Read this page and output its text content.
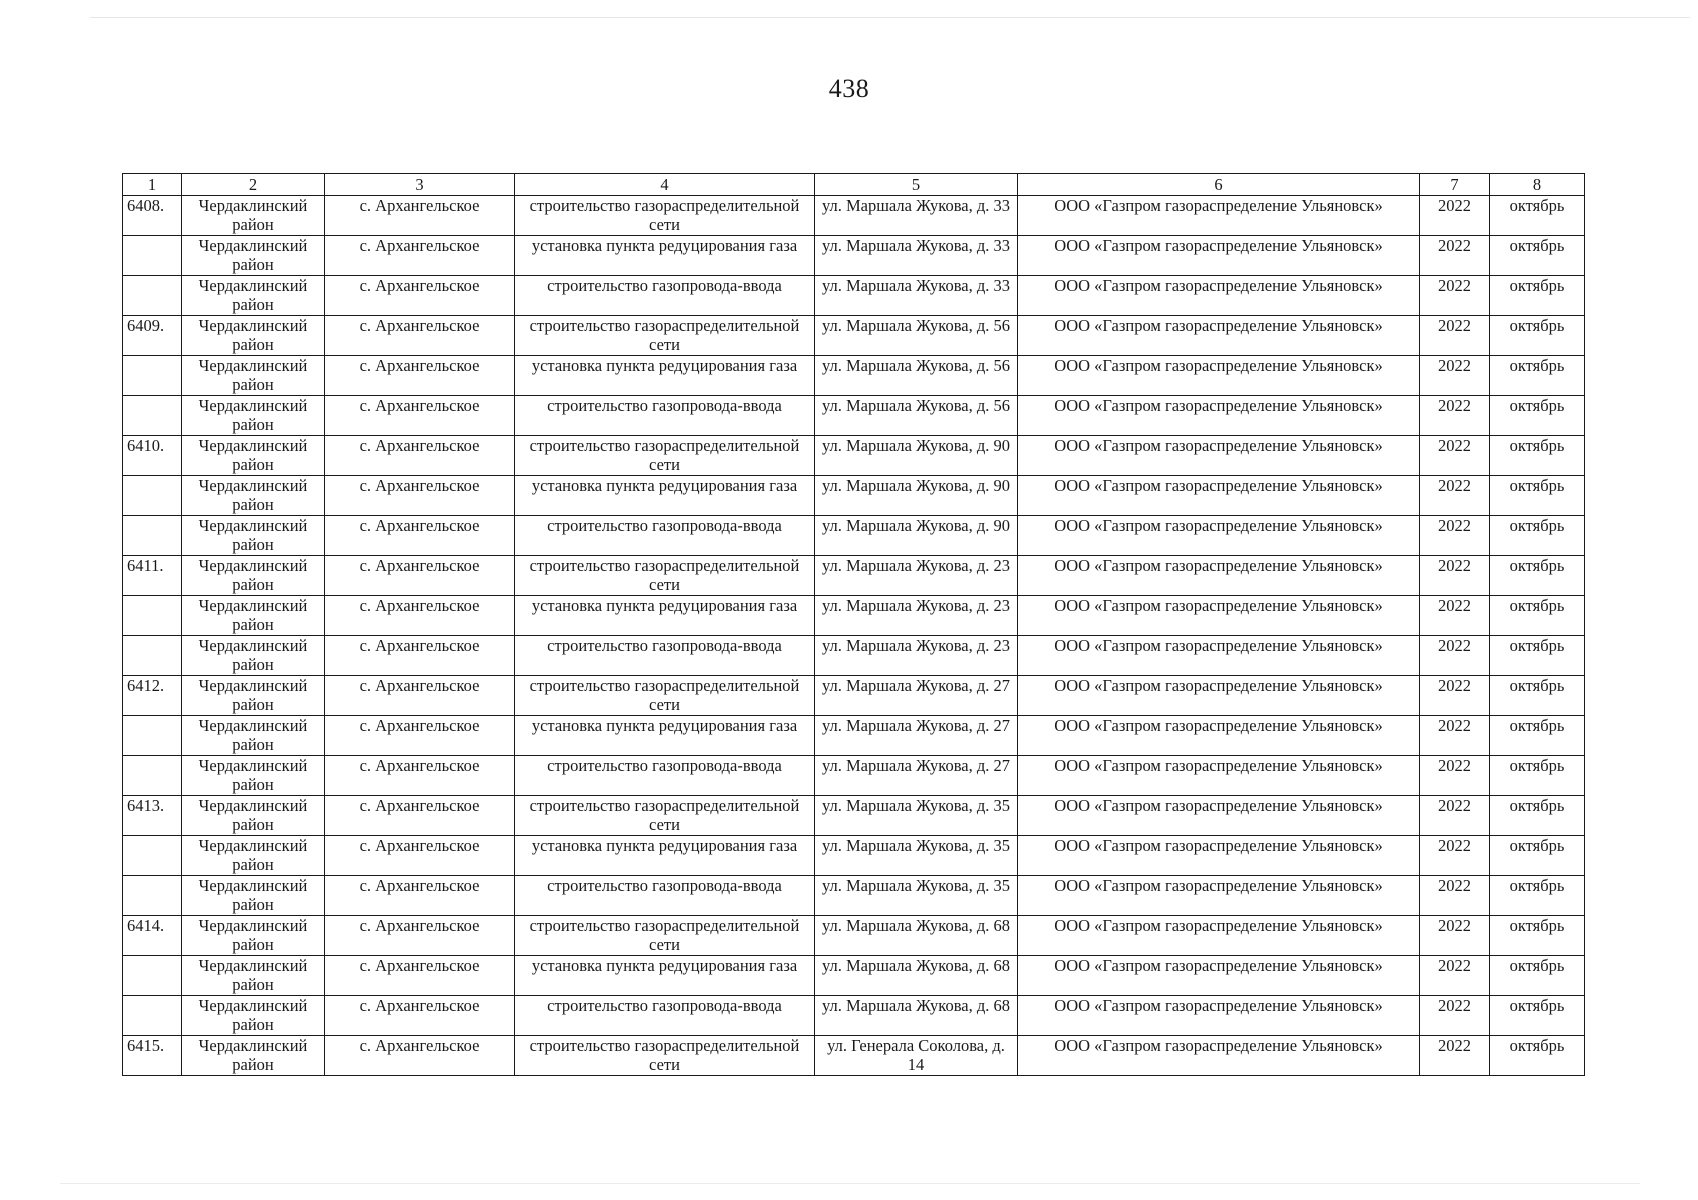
438
1	2	3	4	5	6	7	8
6408.	Чердаклинский район	с. Архангельское	строительство газораспределительной сети	ул. Маршала Жукова, д. 33	ООО «Газпром газораспределение Ульяновск»	2022	октябрь
	Чердаклинский район	с. Архангельское	установка пункта редуцирования газа	ул. Маршала Жукова, д. 33	ООО «Газпром газораспределение Ульяновск»	2022	октябрь
	Чердаклинский район	с. Архангельское	строительство газопровода-ввода	ул. Маршала Жукова, д. 33	ООО «Газпром газораспределение Ульяновск»	2022	октябрь
6409.	Чердаклинский район	с. Архангельское	строительство газораспределительной сети	ул. Маршала Жукова, д. 56	ООО «Газпром газораспределение Ульяновск»	2022	октябрь
	Чердаклинский район	с. Архангельское	установка пункта редуцирования газа	ул. Маршала Жукова, д. 56	ООО «Газпром газораспределение Ульяновск»	2022	октябрь
	Чердаклинский район	с. Архангельское	строительство газопровода-ввода	ул. Маршала Жукова, д. 56	ООО «Газпром газораспределение Ульяновск»	2022	октябрь
6410.	Чердаклинский район	с. Архангельское	строительство газораспределительной сети	ул. Маршала Жукова, д. 90	ООО «Газпром газораспределение Ульяновск»	2022	октябрь
	Чердаклинский район	с. Архангельское	установка пункта редуцирования газа	ул. Маршала Жукова, д. 90	ООО «Газпром газораспределение Ульяновск»	2022	октябрь
	Чердаклинский район	с. Архангельское	строительство газопровода-ввода	ул. Маршала Жукова, д. 90	ООО «Газпром газораспределение Ульяновск»	2022	октябрь
6411.	Чердаклинский район	с. Архангельское	строительство газораспределительной сети	ул. Маршала Жукова, д. 23	ООО «Газпром газораспределение Ульяновск»	2022	октябрь
	Чердаклинский район	с. Архангельское	установка пункта редуцирования газа	ул. Маршала Жукова, д. 23	ООО «Газпром газораспределение Ульяновск»	2022	октябрь
	Чердаклинский район	с. Архангельское	строительство газопровода-ввода	ул. Маршала Жукова, д. 23	ООО «Газпром газораспределение Ульяновск»	2022	октябрь
6412.	Чердаклинский район	с. Архангельское	строительство газораспределительной сети	ул. Маршала Жукова, д. 27	ООО «Газпром газораспределение Ульяновск»	2022	октябрь
	Чердаклинский район	с. Архангельское	установка пункта редуцирования газа	ул. Маршала Жукова, д. 27	ООО «Газпром газораспределение Ульяновск»	2022	октябрь
	Чердаклинский район	с. Архангельское	строительство газопровода-ввода	ул. Маршала Жукова, д. 27	ООО «Газпром газораспределение Ульяновск»	2022	октябрь
6413.	Чердаклинский район	с. Архангельское	строительство газораспределительной сети	ул. Маршала Жукова, д. 35	ООО «Газпром газораспределение Ульяновск»	2022	октябрь
	Чердаклинский район	с. Архангельское	установка пункта редуцирования газа	ул. Маршала Жукова, д. 35	ООО «Газпром газораспределение Ульяновск»	2022	октябрь
	Чердаклинский район	с. Архангельское	строительство газопровода-ввода	ул. Маршала Жукова, д. 35	ООО «Газпром газораспределение Ульяновск»	2022	октябрь
6414.	Чердаклинский район	с. Архангельское	строительство газораспределительной сети	ул. Маршала Жукова, д. 68	ООО «Газпром газораспределение Ульяновск»	2022	октябрь
	Чердаклинский район	с. Архангельское	установка пункта редуцирования газа	ул. Маршала Жукова, д. 68	ООО «Газпром газораспределение Ульяновск»	2022	октябрь
	Чердаклинский район	с. Архангельское	строительство газопровода-ввода	ул. Маршала Жукова, д. 68	ООО «Газпром газораспределение Ульяновск»	2022	октябрь
6415.	Чердаклинский район	с. Архангельское	строительство газораспределительной сети	ул. Генерала Соколова, д. 14	ООО «Газпром газораспределение Ульяновск»	2022	октябрь
